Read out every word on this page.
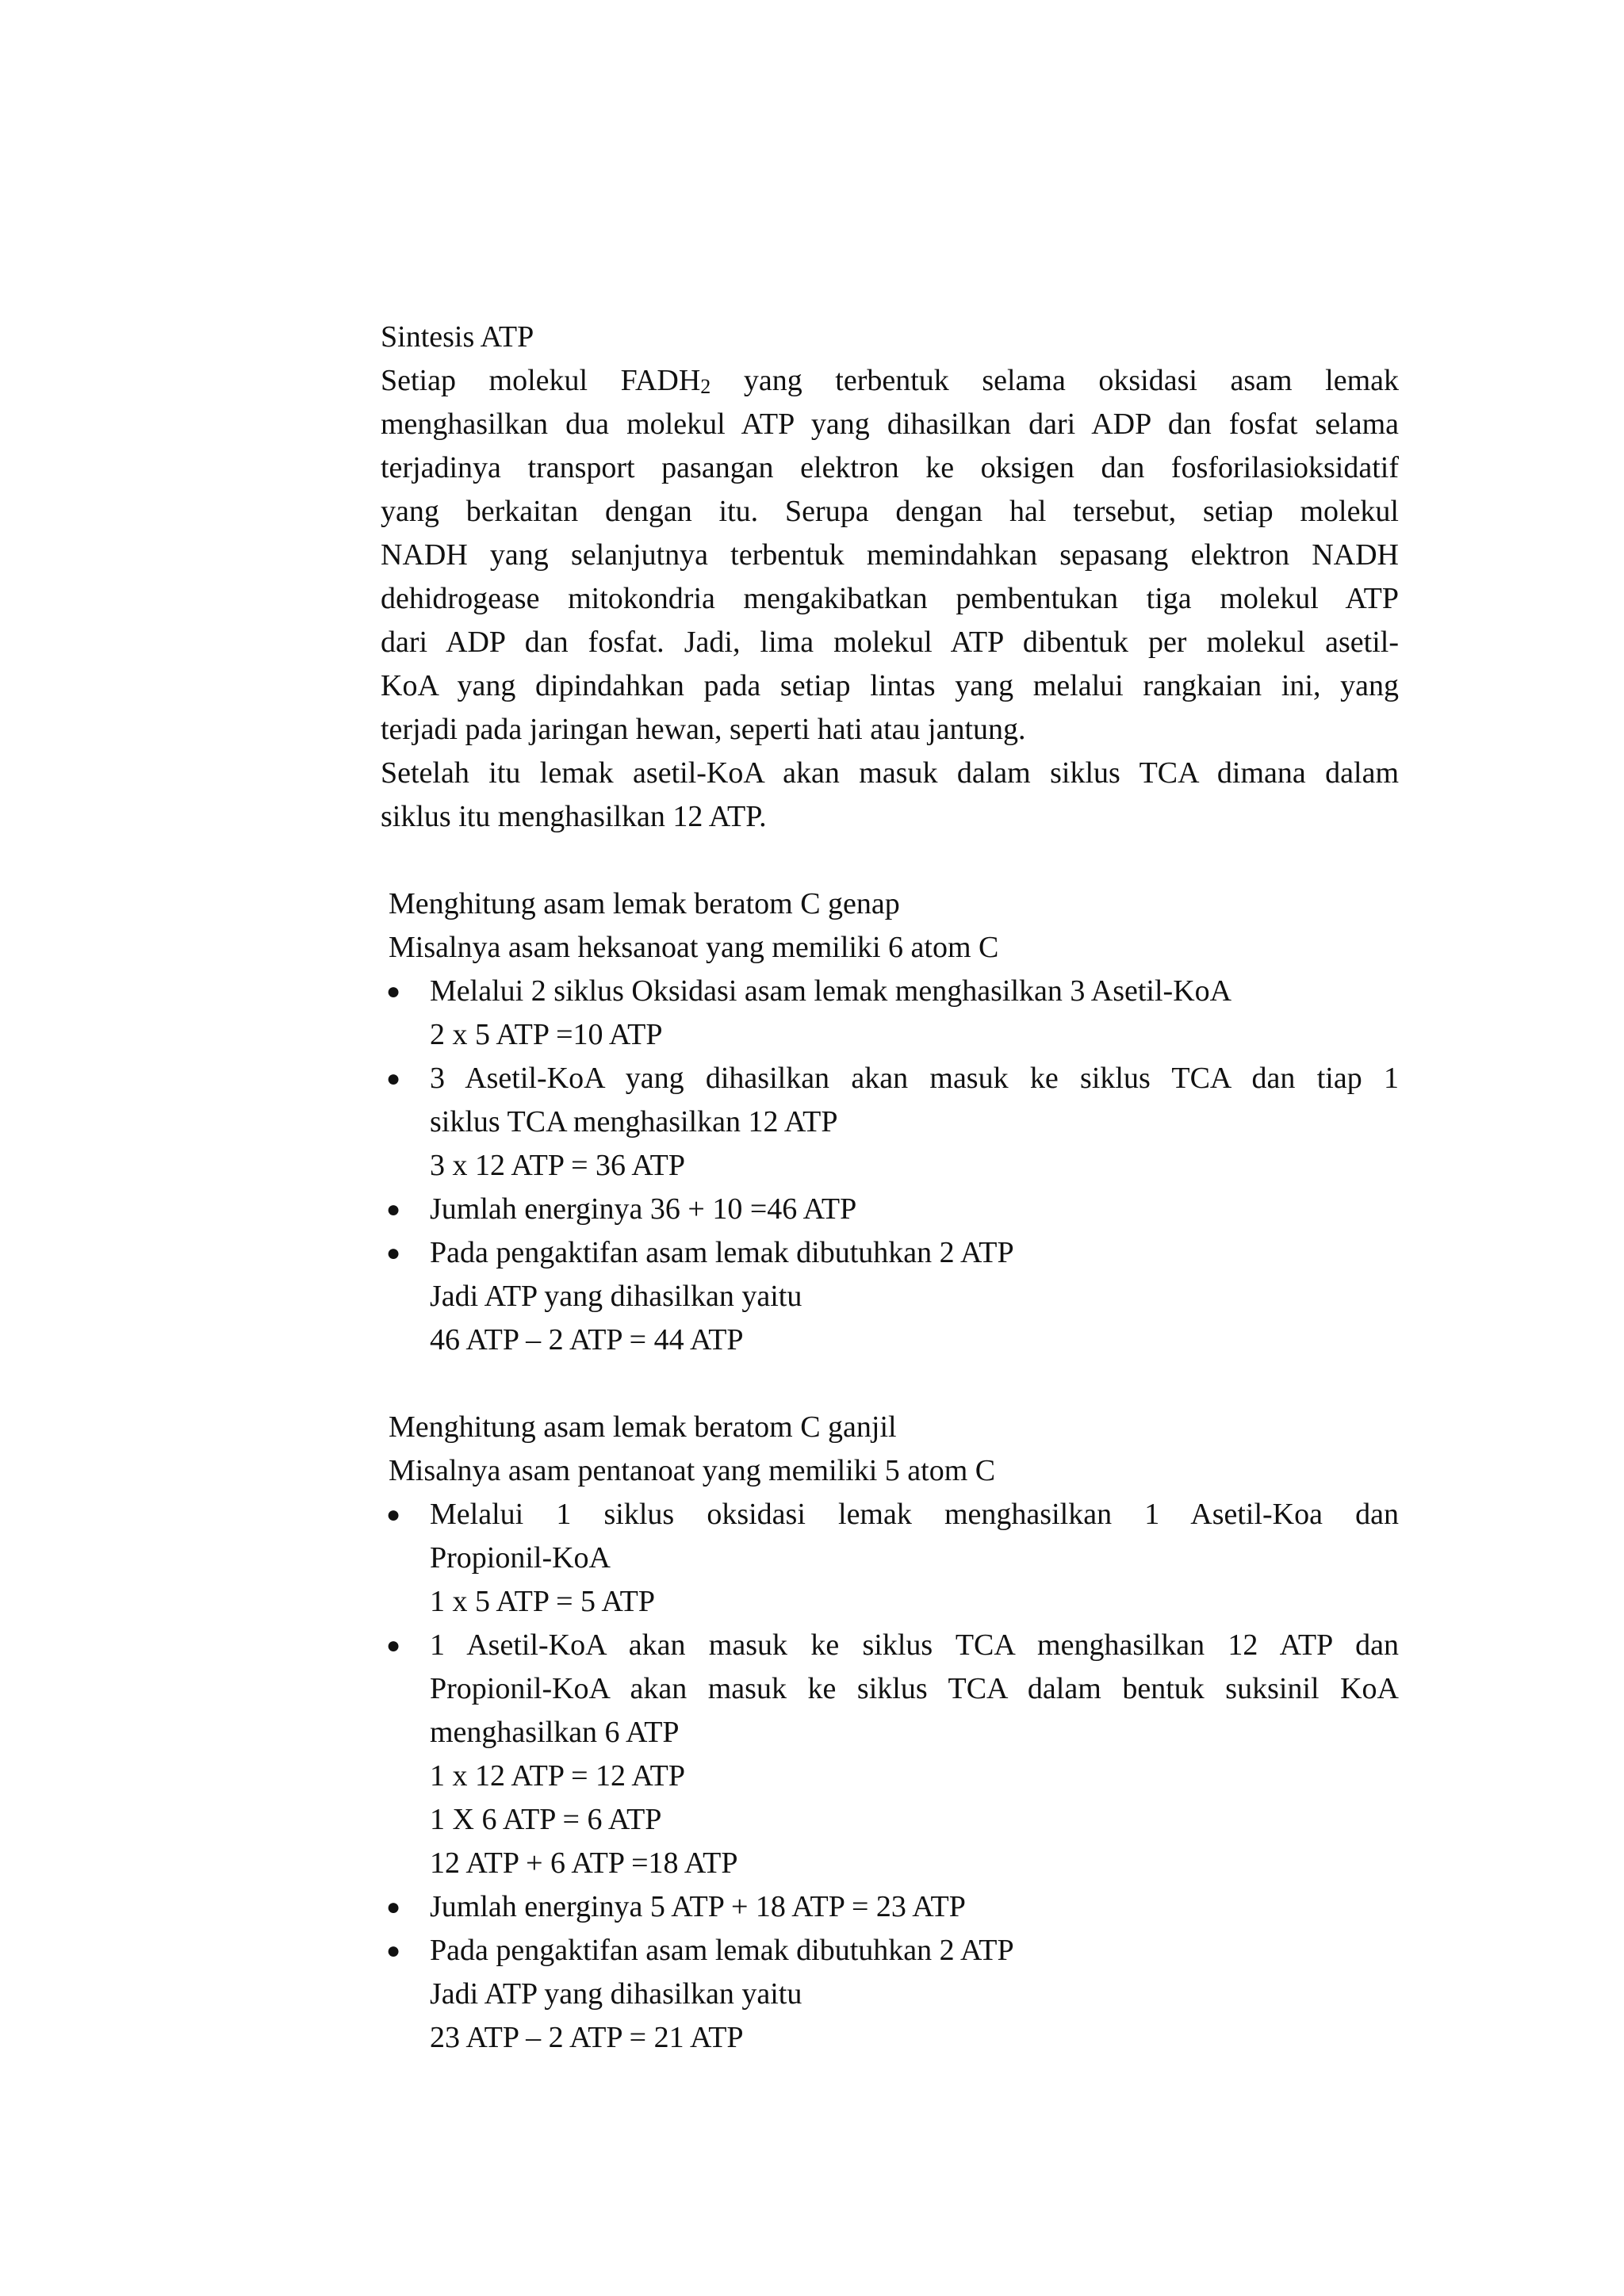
Sintesis ATP
Setiap molekul $FADH_2$ yang terbentuk selama oksidasi asam lemak
menghasilkan dua molekul ATP yang dihasilkan dari ADP dan fosfat selama
terjadinya transport pasangan elektron ke oksigen dan fosforilasioksidatif
yang berkaitan dengan itu. Serupa dengan hal tersebut, setiap molekul
NADH yang selanjutnya terbentuk memindahkan sepasang elektron NADH
dehidrogease mitokondria mengakibatkan pembentukan tiga molekul ATP
dari ADP dan fosfat. Jadi, lima molekul ATP dibentuk per molekul asetil-
KoA yang dipindahkan pada setiap lintas yang melalui rangkaian ini, yang
terjadi pada jaringan hewan, seperti hati atau jantung.
Setelah itu lemak asetil-KoA akan masuk dalam siklus TCA dimana dalam
siklus itu menghasilkan 12 ATP.
Menghitung asam lemak beratom C genap
Misalnya asam heksanoat yang memiliki 6 atom C
● Melalui 2 siklus Oksidasi asam lemak menghasilkan 3 Asetil-KoA
2 x 5 ATP =10 ATP
● 3 Asetil-KoA yang dihasilkan akan masuk ke siklus TCA dan tiap 1
siklus TCA menghasilkan 12 ATP
3 x 12 ATP = 36 ATP
● Jumlah energinya 36 + 10 =46 ATP
● Pada pengaktifan asam lemak dibutuhkan 2 ATP
Jadi ATP yang dihasilkan yaitu
46 ATP – 2 ATP = 44 ATP
Menghitung asam lemak beratom C ganjil
Misalnya asam pentanoat yang memiliki 5 atom C
● Melalui 1 siklus oksidasi lemak menghasilkan 1 Asetil-Koa dan
Propionil-KoA
1 x 5 ATP = 5 ATP
● 1 Asetil-KoA akan masuk ke siklus TCA menghasilkan 12 ATP dan
Propionil-KoA akan masuk ke siklus TCA dalam bentuk suksinil KoA
menghasilkan 6 ATP
1 x 12 ATP = 12 ATP
1 X 6 ATP = 6 ATP
12 ATP + 6 ATP =18 ATP
● Jumlah energinya 5 ATP + 18 ATP = 23 ATP
● Pada pengaktifan asam lemak dibutuhkan 2 ATP
Jadi ATP yang dihasilkan yaitu
23 ATP – 2 ATP = 21 ATP
